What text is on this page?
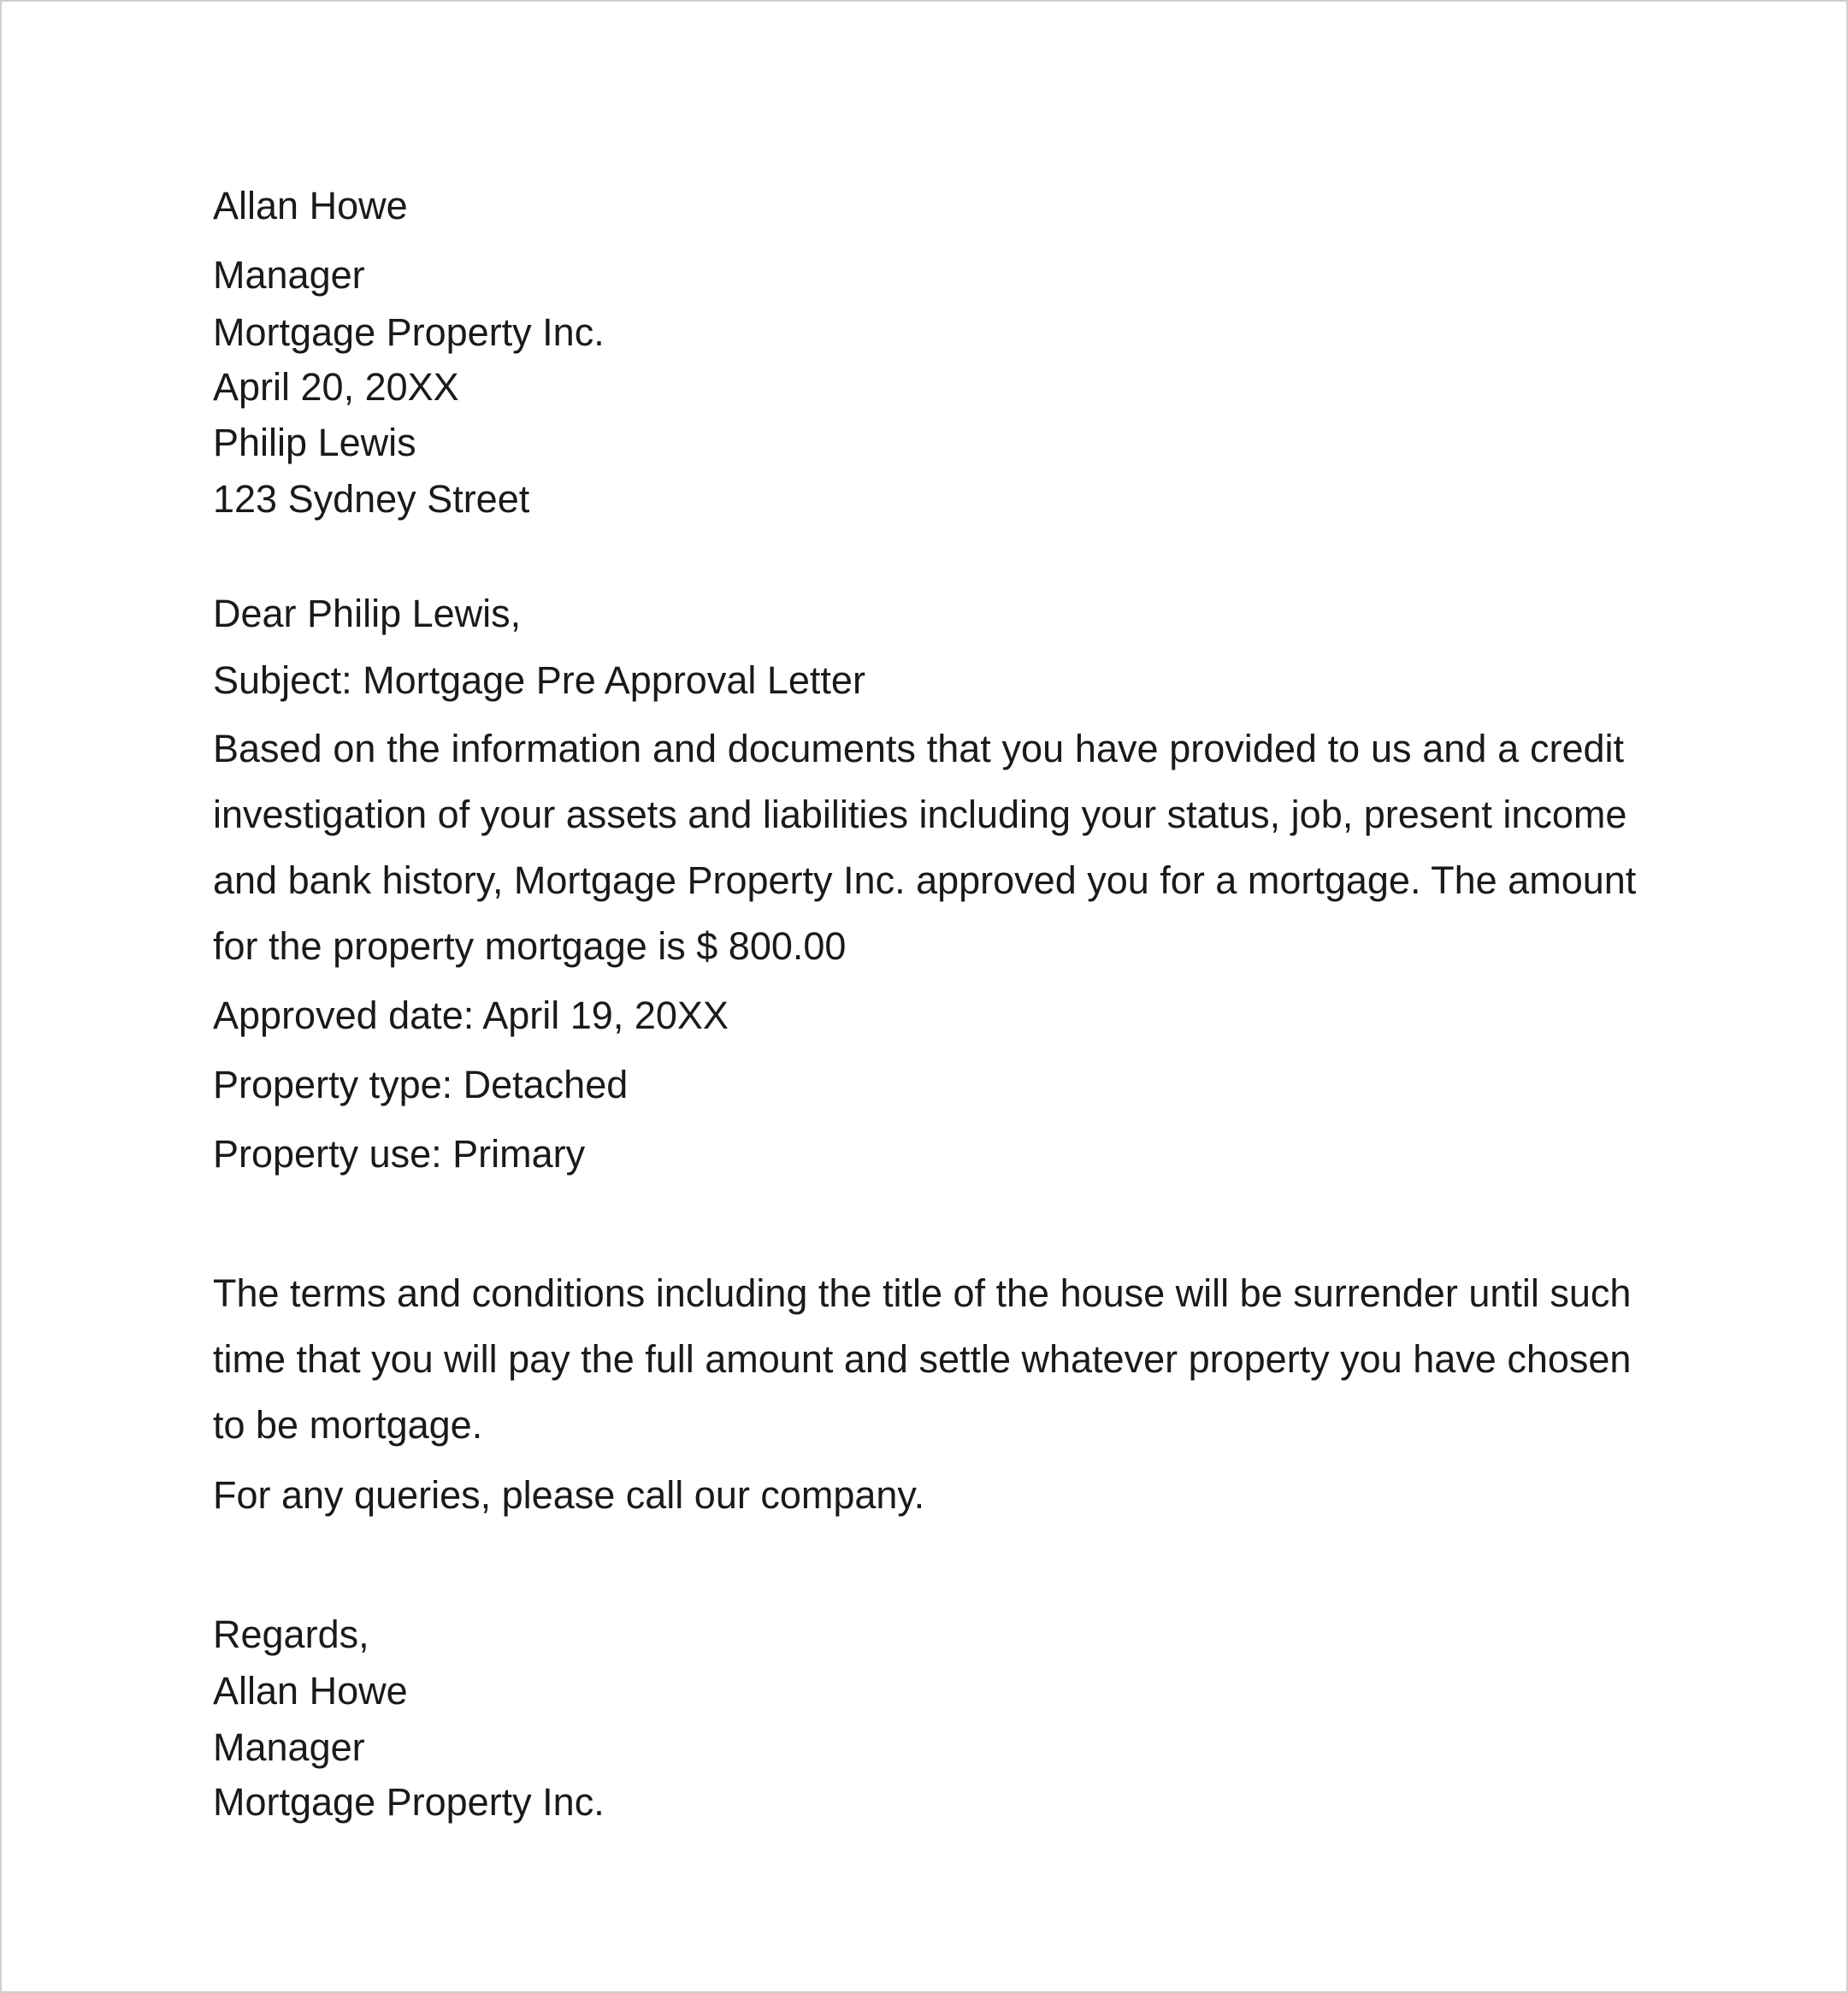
Allan Howe
Manager
Mortgage Property Inc.
April 20, 20XX
Philip Lewis
123 Sydney Street
Dear Philip Lewis,
Subject: Mortgage Pre Approval Letter
Based on the information and documents that you have provided to us and a credit
investigation of your assets and liabilities including your status, job, present income
and bank history, Mortgage Property Inc. approved you for a mortgage. The amount
for the property mortgage is $ 800.00
Approved date: April 19, 20XX
Property type: Detached
Property use: Primary
The terms and conditions including the title of the house will be surrender until such
time that you will pay the full amount and settle whatever property you have chosen
to be mortgage.
For any queries, please call our company.
Regards,
Allan Howe
Manager
Mortgage Property Inc.
